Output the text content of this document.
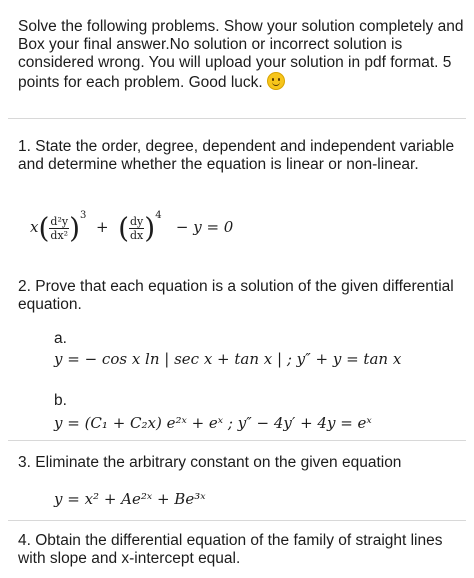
Solve the following problems. Show your solution completely and Box your final answer.No solution or incorrect solution is considered wrong. You will upload your solution in pdf format. 5 points for each problem. Good luck.
1. State the order, degree, dependent and independent variable and determine whether the equation is linear or non-linear.
$x( \frac{\text{d²y}}{\text{dx²}} )^3$  + ( $\frac{dy}{dx} )^4 - y = 0$
2. Prove that each equation is a solution of the given differential equation.
a.
y = − cos x ln | sec x + tan x | ; y″ + y = tan x
b.
y = (C₁ + C₂x) e²ˣ + eˣ ; y″ − 4y′ + 4y = eˣ
3. Eliminate the arbitrary constant on the given equation
y = x² + Ae²ˣ + Be³ˣ
4. Obtain the differential equation of the family of straight lines with slope and x-intercept equal.
